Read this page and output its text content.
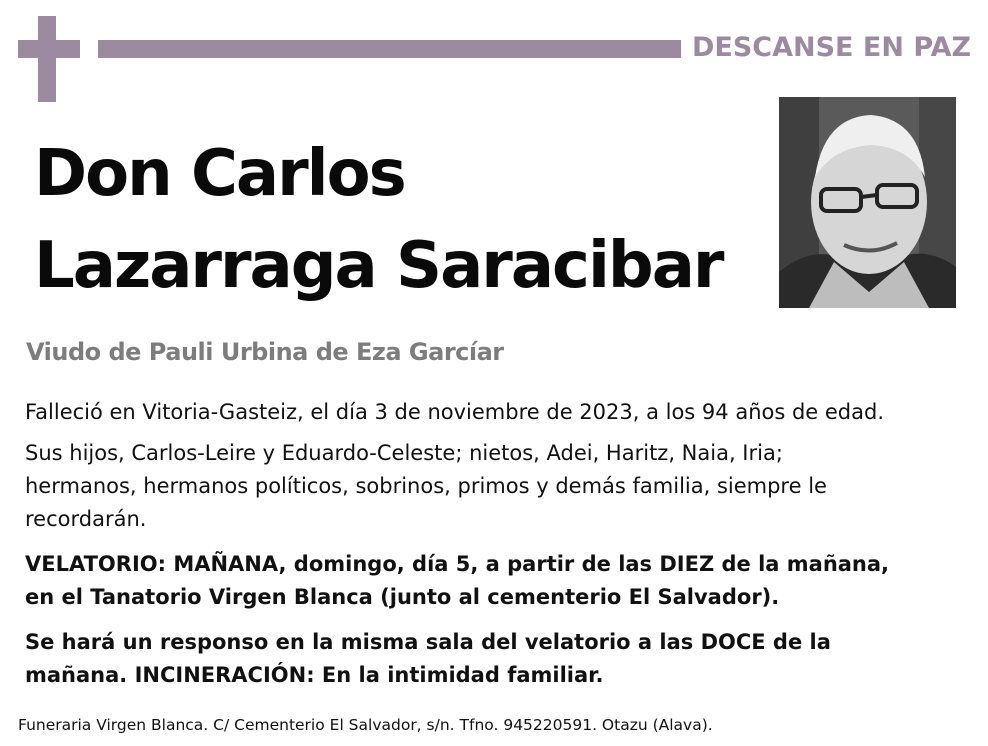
DESCANSE EN PAZ
Don Carlos
Lazarraga Saracibar
Viudo de Pauli Urbina de Eza Garcíar
Falleció en Vitoria-Gasteiz, el día 3 de noviembre de 2023, a los 94 años de edad.
Sus hijos, Carlos-Leire y Eduardo-Celeste; nietos, Adei, Haritz, Naia, Iria;
hermanos, hermanos políticos, sobrinos, primos y demás familia, siempre le
recordarán.
VELATORIO: MAÑANA, domingo, día 5, a partir de las DIEZ de la mañana,
en el Tanatorio Virgen Blanca (junto al cementerio El Salvador).
Se hará un responso en la misma sala del velatorio a las DOCE de la
mañana. INCINERACIÓN: En la intimidad familiar.
Funeraria Virgen Blanca. C/ Cementerio El Salvador, s/n. Tfno. 945220591. Otazu (Alava).
